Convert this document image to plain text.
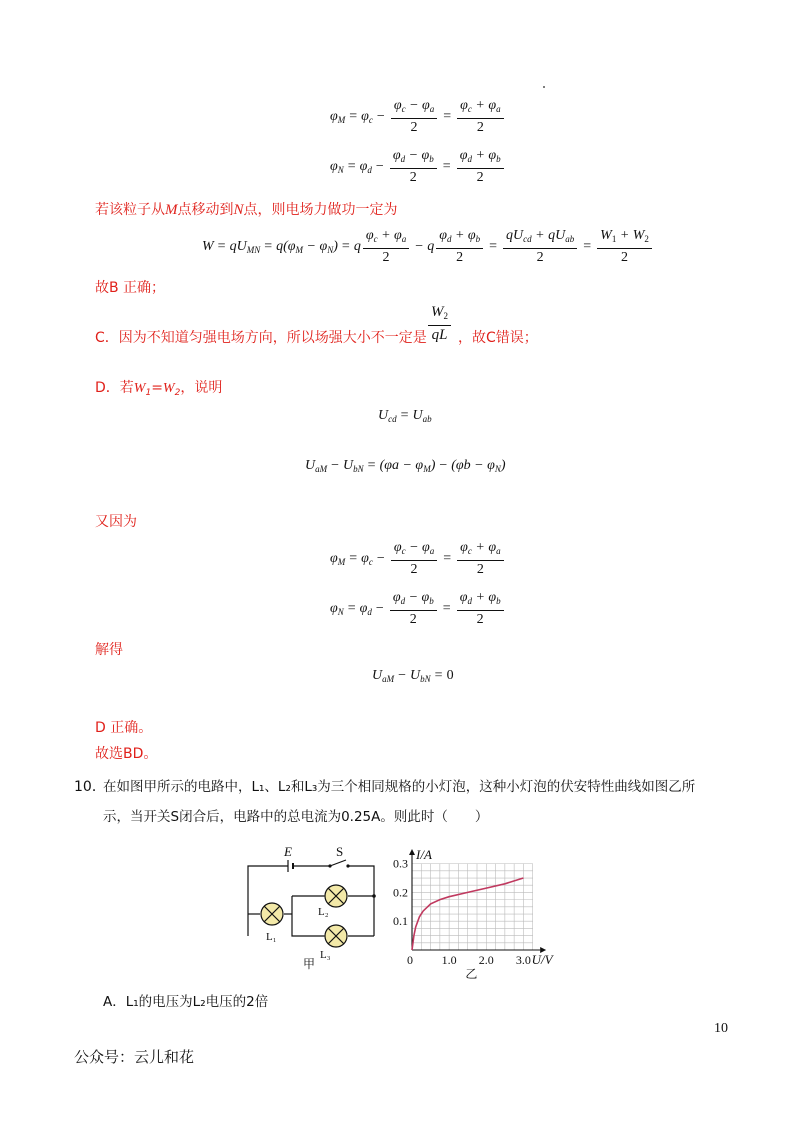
$\varphi_M = \varphi_c - \frac{\varphi_c - \varphi_a}{2} = \frac{\varphi_c + \varphi_a}{2}$
$\varphi_N = \varphi_d - \frac{\varphi_d - \varphi_b}{2} = \frac{\varphi_d + \varphi_b}{2}$
若该粒子从M点移动到N点，则电场力做功一定为
$W = qU_{MN} = q(\varphi_M - \varphi_N) = q \frac{\varphi_c + \varphi_a}{2} - q \frac{\varphi_d + \varphi_b}{2} = \frac{qU_{cd} + qU_{ab}}{2} = \frac{W_1 + W_2}{2}$
故B 正确；
C．因为不知道匀强电场方向，所以场强大小不一定是 $\frac{W_2}{qL}$ ，故C错误；
D．若$W_1=W_2$，说明
$U_{cd} = U_{ab}$
$U_{aM} - U_{bN} = (\varphi a - \varphi_M) - (\varphi b - \varphi_N)$
又因为
$\varphi_M = \varphi_c - \frac{\varphi_c - \varphi_a}{2} = \frac{\varphi_c + \varphi_a}{2}$
$\varphi_N = \varphi_d - \frac{\varphi_d - \varphi_b}{2} = \frac{\varphi_d + \varphi_b}{2}$
解得
$U_{aM} - U_{bN} = 0$
D 正确。
故选BD。
10．
在如图甲所示的电路中，L₁、L₂和L₃为三个相同规格的小灯泡，这种小灯泡的伏安特性曲线如图乙所
示，当开关S闭合后，电路中的总电流为0.25A。则此时（　　）
E	S
L₁
L₂
L₃
甲	1.0 2.0 3.0
0.1
0.2
0.3
0	U/V
I/A
乙
A．L₁的电压为L₂电压的2倍
10
公众号：云儿和花
